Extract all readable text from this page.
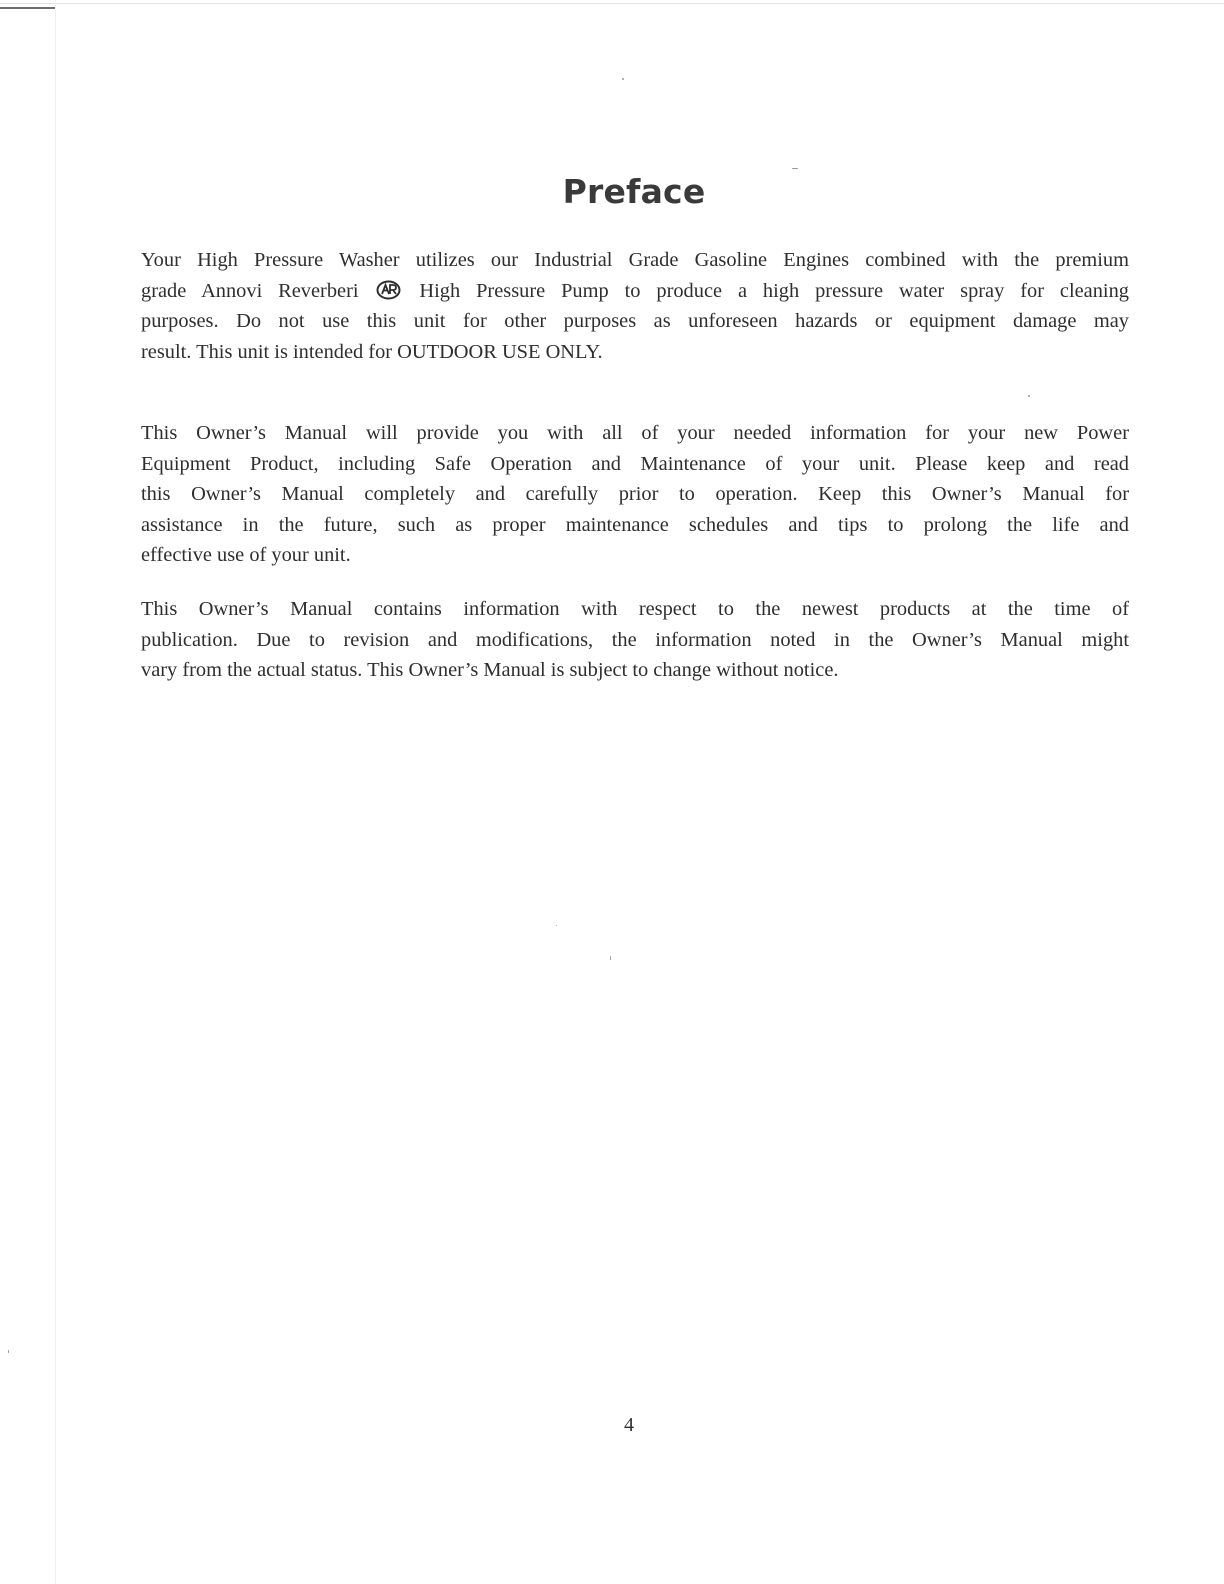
Preface
Your High Pressure Washer utilizes our Industrial Grade Gasoline Engines combined with the premium
grade Annovi Reverberi	High Pressure Pump to produce a high pressure water spray for cleaning
purposes. Do not use this unit for other purposes as unforeseen hazards or equipment damage may
result. This unit is intended for OUTDOOR USE ONLY.
This Owner’s Manual will provide you with all of your needed information for your new Power
Equipment Product, including Safe Operation and Maintenance of your unit. Please keep and read
this Owner’s Manual completely and carefully prior to operation. Keep this Owner’s Manual for
assistance in the future, such as proper maintenance schedules and tips to prolong the life and
effective use of your unit.
This Owner’s Manual contains information with respect to the newest products at the time of
publication. Due to revision and modifications, the information noted in the Owner’s Manual might
vary from the actual status. This Owner’s Manual is subject to change without notice.
4
